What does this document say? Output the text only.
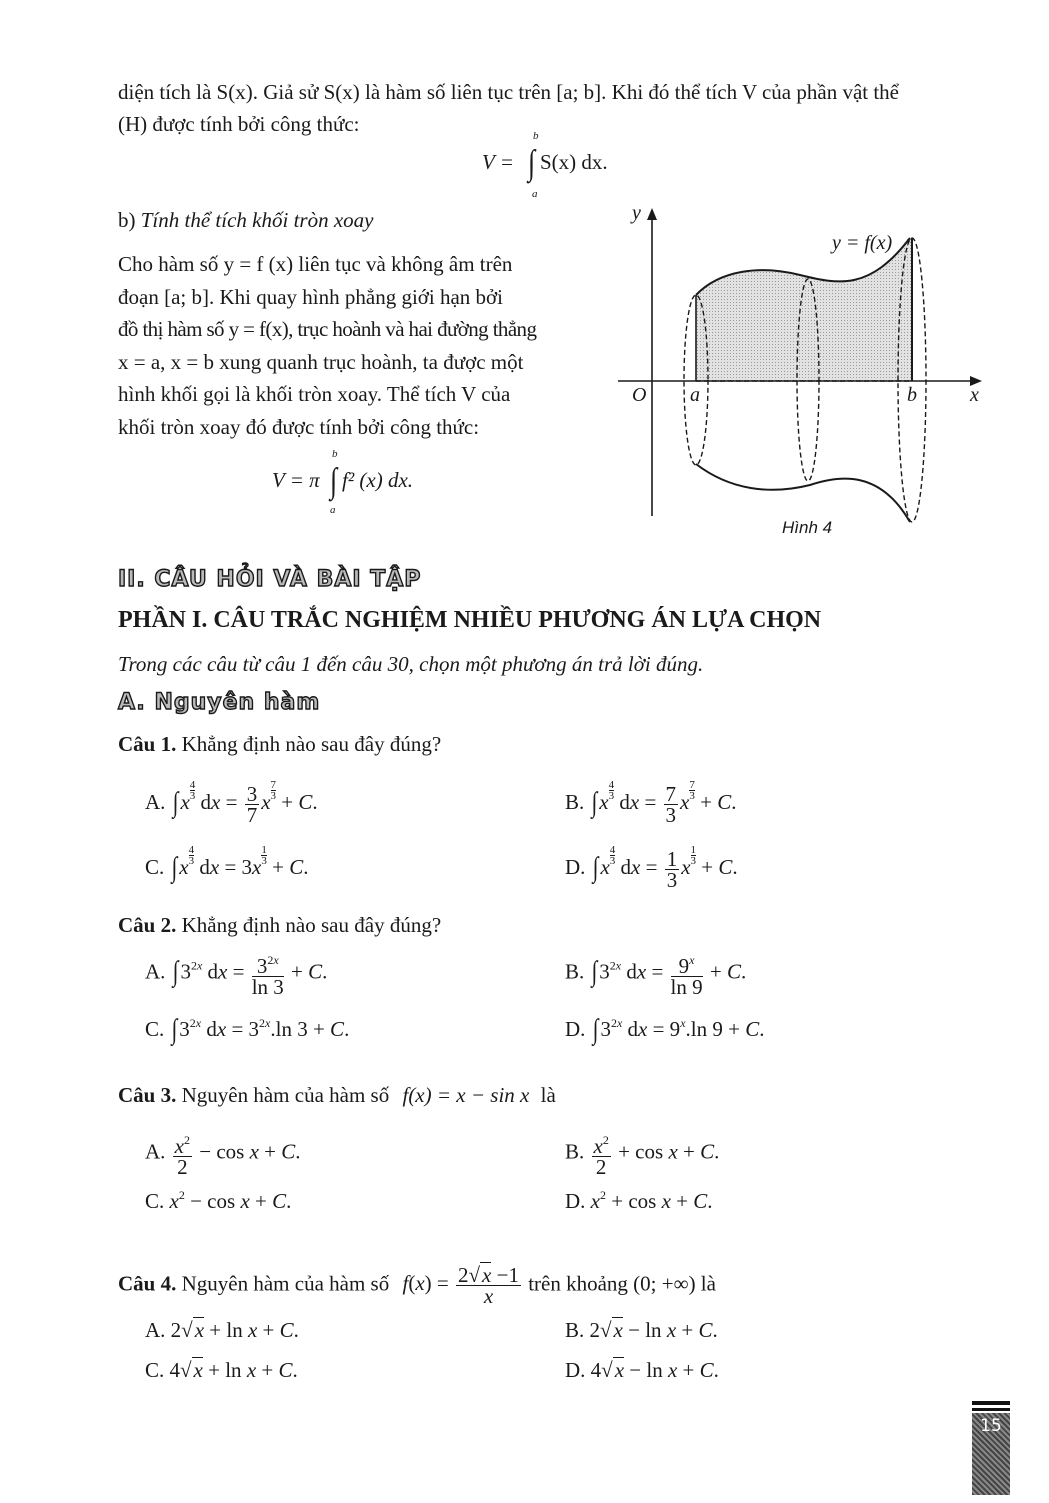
diện tích là S(x). Giả sử S(x) là hàm số liên tục trên [a; b]. Khi đó thể tích V của phần vật thể
(H) được tính bởi công thức:	b
V = ∫ S(x) dx.
a
b) Tính thể tích khối tròn xoay
Cho hàm số y = f (x) liên tục và không âm trên
đoạn [a; b]. Khi quay hình phẳng giới hạn bởi
đồ thị hàm số y = f(x), trục hoành và hai đường thẳng
x = a, x = b xung quanh trục hoành, ta được một
hình khối gọi là khối tròn xoay. Thể tích V của
khối tròn xoay đó được tính bởi công thức:
b
V = π ∫ f² (x) dx.
a
y
x
O a	b
y = f(x)
Hình 4
II. CÂU HỎI VÀ BÀI TẬP
PHẦN I. CÂU TRẮC NGHIỆM NHIỀU PHƯƠNG ÁN LỰA CHỌN
Trong các câu từ câu 1 đến câu 30, chọn một phương án trả lời đúng.
A. Nguyên hàm
Câu 1. Khẳng định nào sau đây đúng?
A. $\int x \frac{4}{3}$ dx = $\frac{3}{7}$ x $\frac{7}{3} + C$.	B. $\int x \frac{4}{3}$ dx = $\frac{7}{3}$ x $\frac{7}{3} + C$.
C. $\int x \frac{4}{3}$ dx = $3x \frac{1}{3} + C$.	D. $\int x \frac{4}{3}$ dx = $\frac{1}{3}$ x $\frac{1}{3} + C$.
Câu 2. Khẳng định nào sau đây đúng?
A. $\int 3^{2x}$ dx = $\frac{3^{2x}}{\ln 3} + C$.	B. $\int 3^{2x}$ dx = $\frac{9^x}{\ln 9} + C$.
C. $\int 3^{2x}$ dx = $3^{2x}.\ln$ 3 + C.	D. $\int 3^{2x}$ dx = $9^x.\ln$ 9 + C.
Câu 3. Nguyên hàm của hàm số f(x) = x − sin x là
A. $\frac{x^2}{2} - \cos x + C$.	B. $\frac{x^2}{2} + \cos x + C$.
C. $x^2 - \cos x + C$.	D. $x^2 + \cos x + C$.
Câu 4. Nguyên hàm của hàm số $f(x) = \frac{2√x -1}{x}$ trên khoảng (0; +∞) là
A. 2√x + ln x + C.	B. 2√x − ln x + C.
C. 4√x + ln x + C.	D. 4√x − ln x + C.
15
